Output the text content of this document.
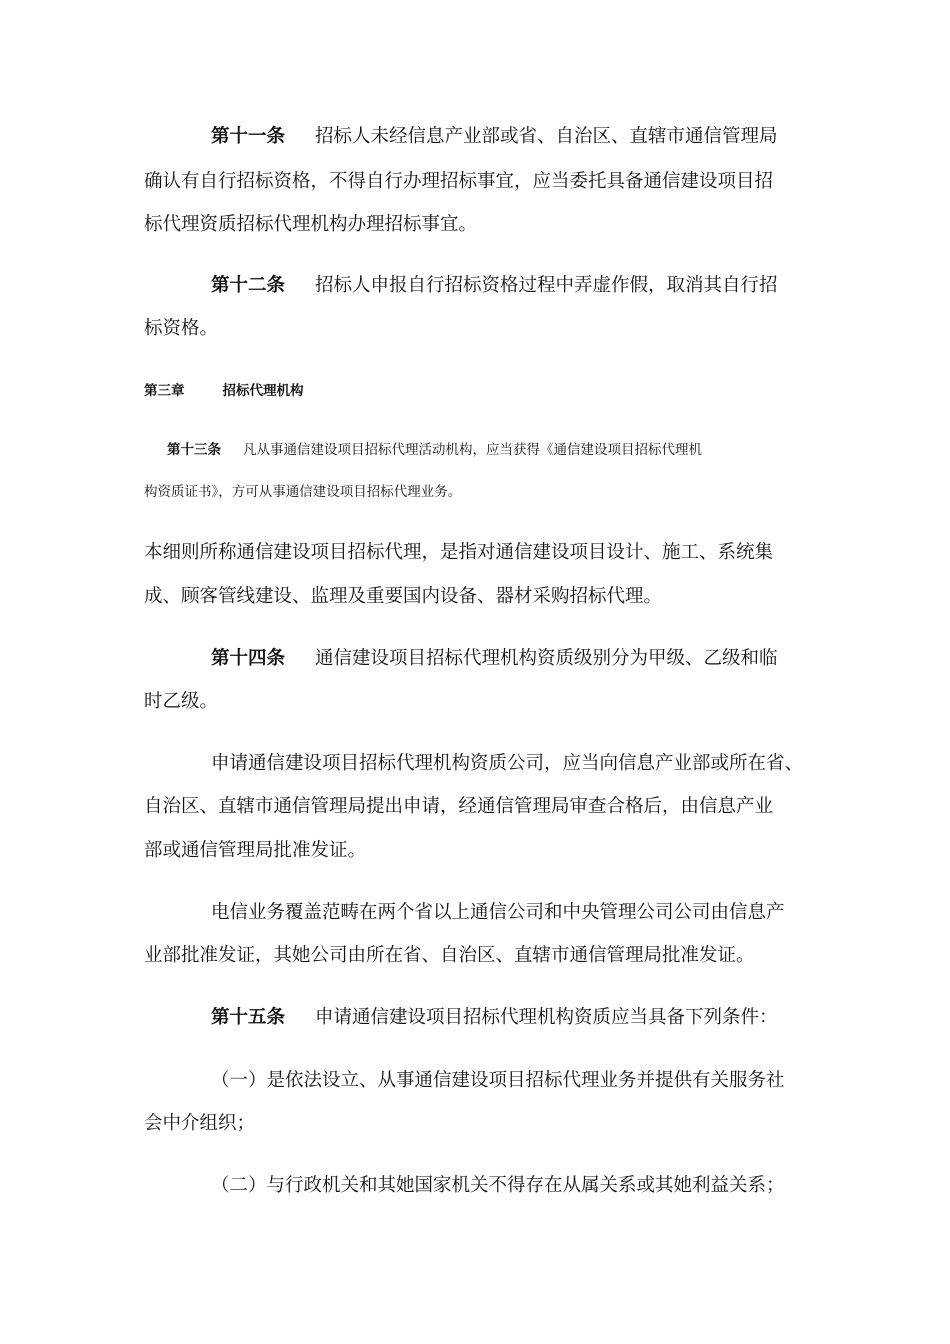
第十一条 招标人未经信息产业部或省、自治区、直辖市通信管理局
确认有自行招标资格，不得自行办理招标事宜，应当委托具备通信建设项目招
标代理资质招标代理机构办理招标事宜。
第十二条 招标人申报自行招标资格过程中弄虚作假，取消其自行招
标资格。
第三章	招标代理机构
第十三条 凡从事通信建设项目招标代理活动机构，应当获得《通信建设项目招标代理机
构资质证书》，方可从事通信建设项目招标代理业务。
本细则所称通信建设项目招标代理，是指对通信建设项目设计、施工、系统集
成、顾客管线建设、监理及重要国内设备、器材采购招标代理。
第十四条 通信建设项目招标代理机构资质级别分为甲级、乙级和临
时乙级。
申请通信建设项目招标代理机构资质公司，应当向信息产业部或所在省、
自治区、直辖市通信管理局提出申请，经通信管理局审查合格后，由信息产业
部或通信管理局批准发证。
电信业务覆盖范畴在两个省以上通信公司和中央管理公司公司由信息产
业部批准发证，其她公司由所在省、自治区、直辖市通信管理局批准发证。
第十五条 申请通信建设项目招标代理机构资质应当具备下列条件：
（一）是依法设立、从事通信建设项目招标代理业务并提供有关服务社
会中介组织；
（二）与行政机关和其她国家机关不得存在从属关系或其她利益关系；
